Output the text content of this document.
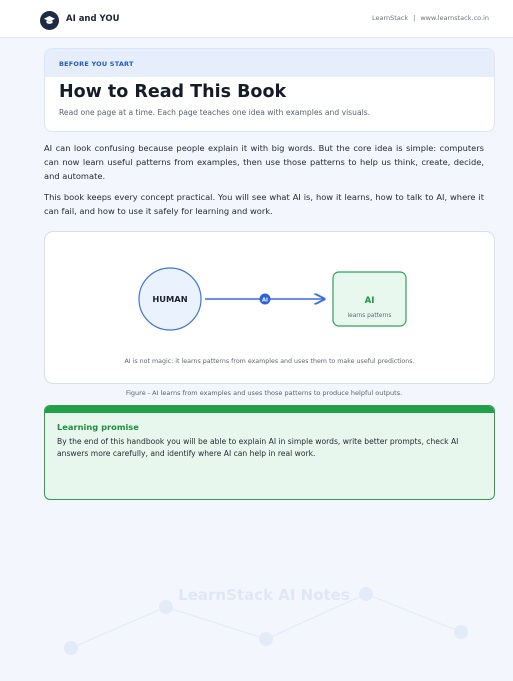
AI and YOU	LearnStack | www.learnstack.co.in
BEFORE YOU START
How to Read This Book
Read one page at a time. Each page teaches one idea with examples and visuals.

AI can look confusing because people explain it with big words. But the core idea is simple: computers can now learn useful patterns from examples, then use those patterns to help us think, create, decide, and automate.

This book keeps every concept practical. You will see what AI is, how it learns, how to talk to AI, where it can fail, and how to use it safely for learning and work.

HUMAN	AI	AI
learns patterns
AI is not magic: it learns patterns from examples and uses them to make useful predictions.
Figure - AI learns from examples and uses those patterns to produce helpful outputs.
Learning promise
By the end of this handbook you will be able to explain AI in simple words, write better prompts, check AI answers more carefully, and identify where AI can help in real work.
LearnStack AI Notes
